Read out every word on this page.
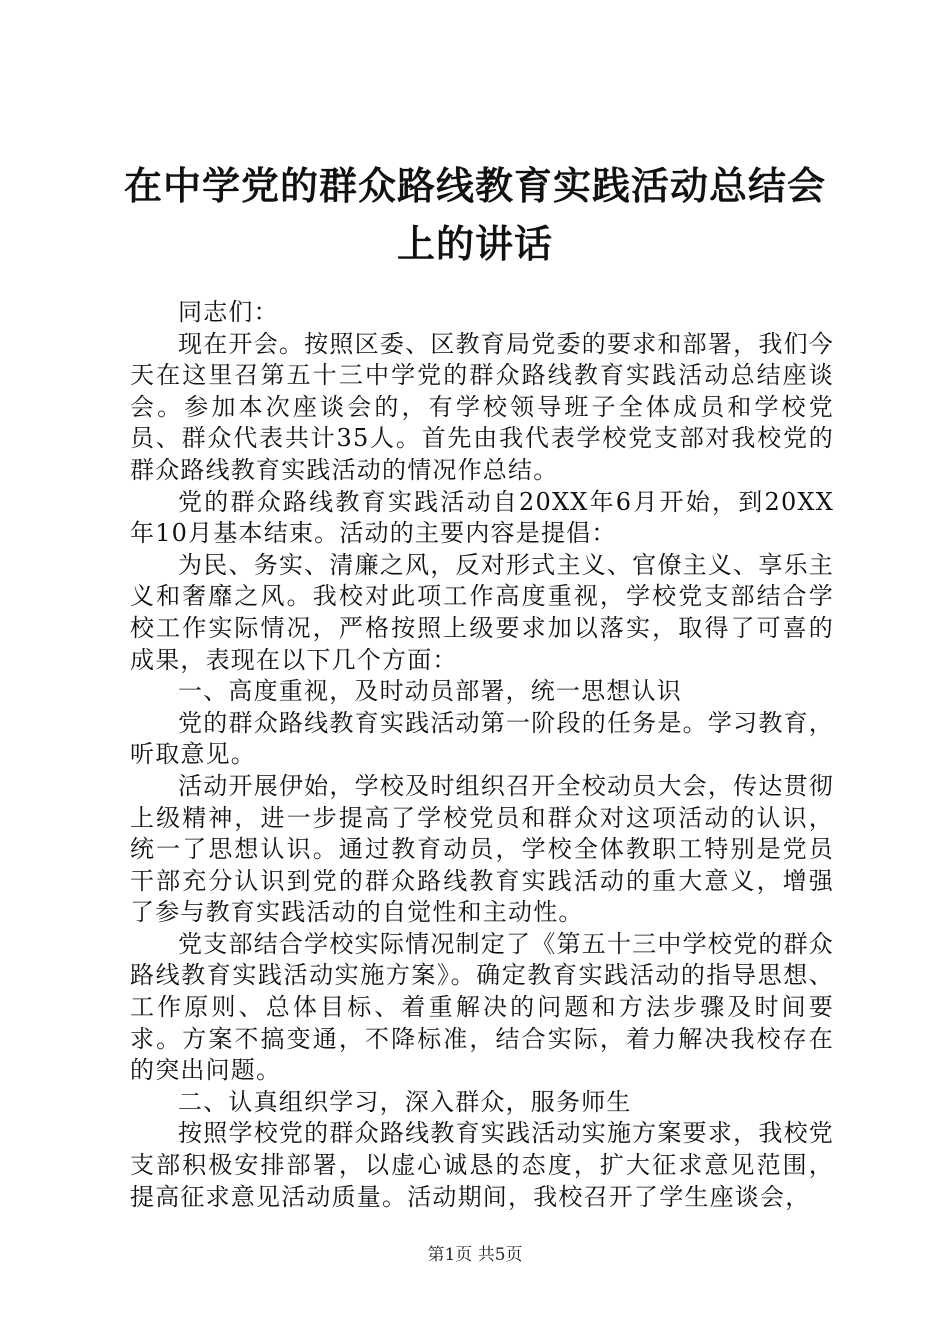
在中学党的群众路线教育实践活动总结会上的讲话

同志们：

现在开会。按照区委、区教育局党委的要求和部署，我们今天在这里召第五十三中学党的群众路线教育实践活动总结座谈会。参加本次座谈会的，有学校领导班子全体成员和学校党员、群众代表共计35人。首先由我代表学校党支部对我校党的群众路线教育实践活动的情况作总结。

党的群众路线教育实践活动自20XX年6月开始，到20XX年10月基本结束。活动的主要内容是提倡：

为民、务实、清廉之风，反对形式主义、官僚主义、享乐主义和奢靡之风。我校对此项工作高度重视，学校党支部结合学校工作实际情况，严格按照上级要求加以落实，取得了可喜的成果，表现在以下几个方面：

一、高度重视，及时动员部署，统一思想认识

党的群众路线教育实践活动第一阶段的任务是。学习教育，听取意见。

活动开展伊始，学校及时组织召开全校动员大会，传达贯彻上级精神，进一步提高了学校党员和群众对这项活动的认识，统一了思想认识。通过教育动员，学校全体教职工特别是党员干部充分认识到党的群众路线教育实践活动的重大意义，增强了参与教育实践活动的自觉性和主动性。

党支部结合学校实际情况制定了《第五十三中学校党的群众路线教育实践活动实施方案》。确定教育实践活动的指导思想、工作原则、总体目标、着重解决的问题和方法步骤及时间要求。方案不搞变通，不降标准，结合实际，着力解决我校存在的突出问题。

二、认真组织学习，深入群众，服务师生

按照学校党的群众路线教育实践活动实施方案要求，我校党支部积极安排部署，以虚心诚恳的态度，扩大征求意见范围，提高征求意见活动质量。活动期间，我校召开了学生座谈会，

第1页 共5页
